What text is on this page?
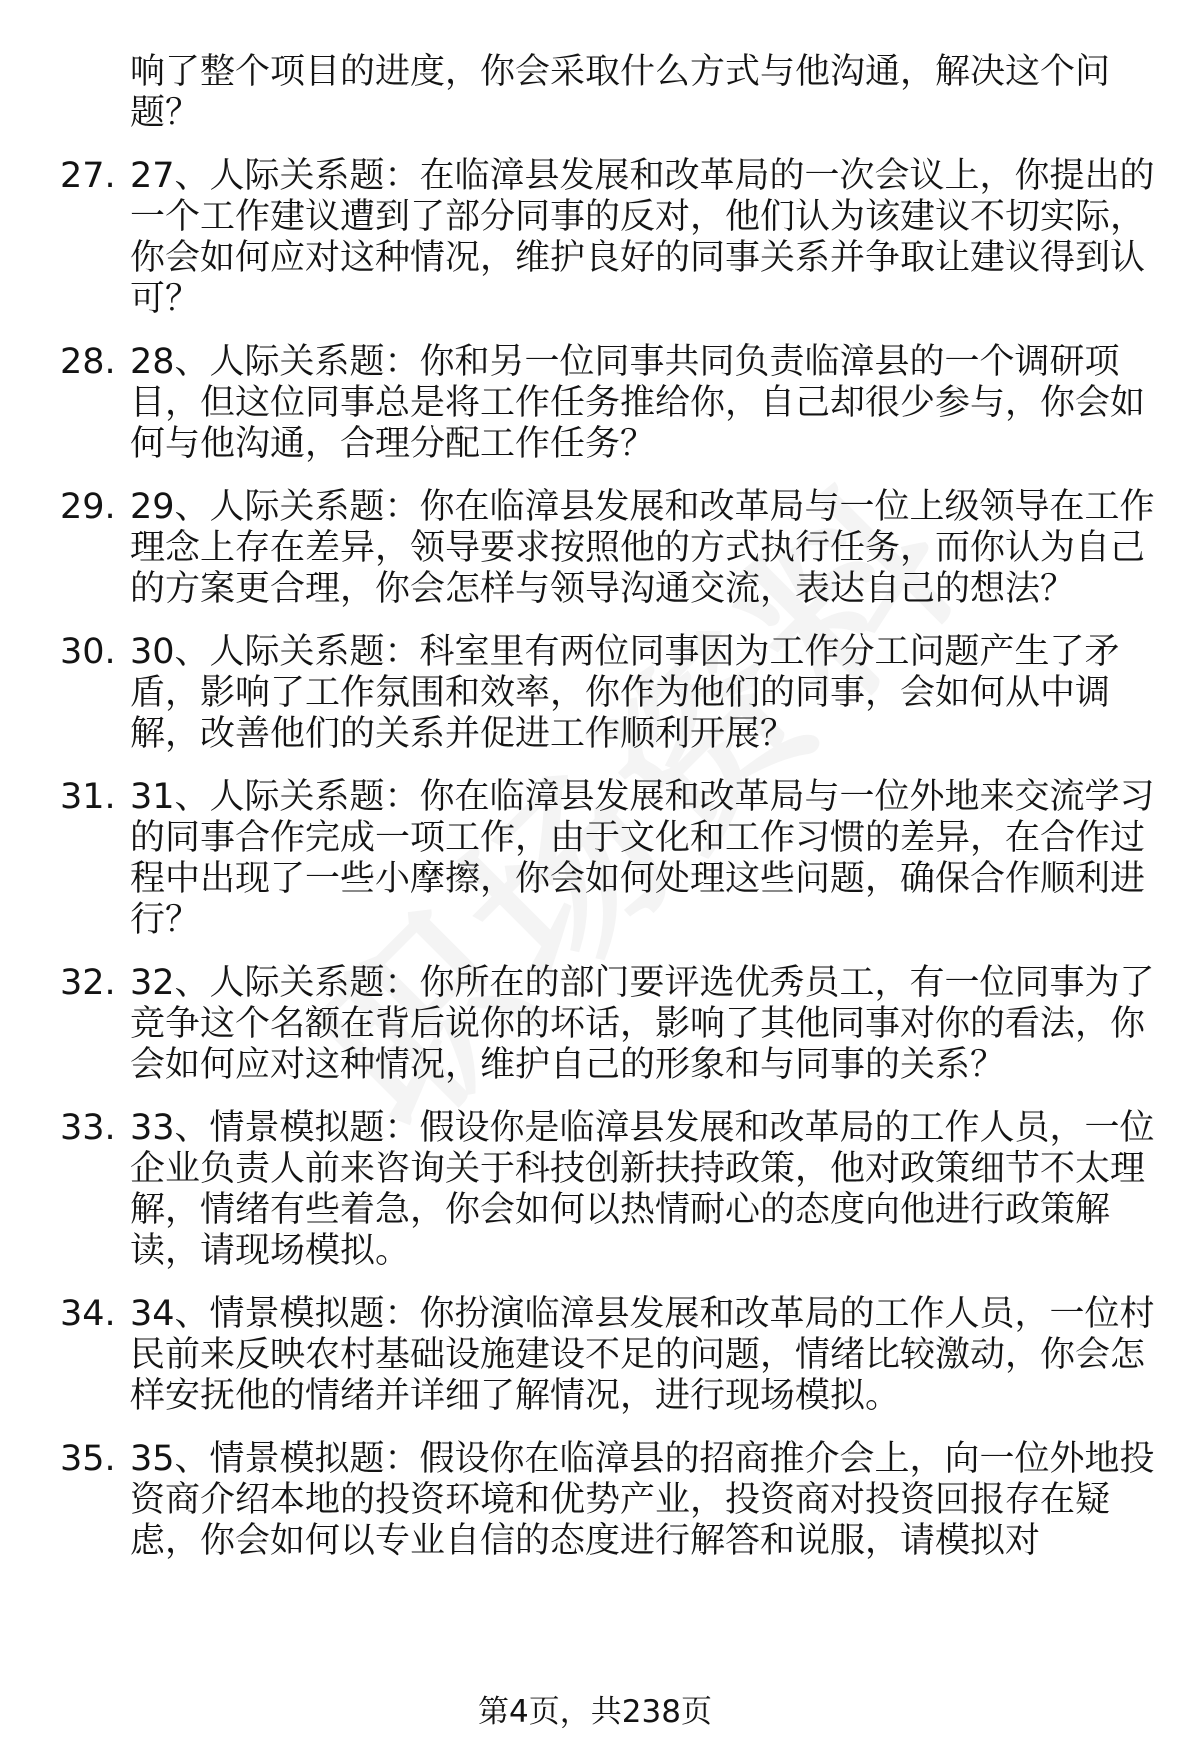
响了整个项目的进度，你会采取什么方式与他沟通，解决这个问题？
27. 27、人际关系题：在临漳县发展和改革局的一次会议上，你提出的一个工作建议遭到了部分同事的反对，他们认为该建议不切实际，你会如何应对这种情况，维护良好的同事关系并争取让建议得到认可？
28. 28、人际关系题：你和另一位同事共同负责临漳县的一个调研项目，但这位同事总是将工作任务推给你，自己却很少参与，你会如何与他沟通，合理分配工作任务？
29. 29、人际关系题：你在临漳县发展和改革局与一位上级领导在工作理念上存在差异，领导要求按照他的方式执行任务，而你认为自己的方案更合理，你会怎样与领导沟通交流，表达自己的想法？
30. 30、人际关系题：科室里有两位同事因为工作分工问题产生了矛盾，影响了工作氛围和效率，你作为他们的同事，会如何从中调解，改善他们的关系并促进工作顺利开展？
31. 31、人际关系题：你在临漳县发展和改革局与一位外地来交流学习的同事合作完成一项工作，由于文化和工作习惯的差异，在合作过程中出现了一些小摩擦，你会如何处理这些问题，确保合作顺利进行？
32. 32、人际关系题：你所在的部门要评选优秀员工，有一位同事为了竞争这个名额在背后说你的坏话，影响了其他同事对你的看法，你会如何应对这种情况，维护自己的形象和与同事的关系？
33. 33、情景模拟题：假设你是临漳县发展和改革局的工作人员，一位企业负责人前来咨询关于科技创新扶持政策，他对政策细节不太理解，情绪有些着急，你会如何以热情耐心的态度向他进行政策解读，请现场模拟。
34. 34、情景模拟题：你扮演临漳县发展和改革局的工作人员，一位村民前来反映农村基础设施建设不足的问题，情绪比较激动，你会怎样安抚他的情绪并详细了解情况，进行现场模拟。
35. 35、情景模拟题：假设你在临漳县的招商推介会上，向一位外地投资商介绍本地的投资环境和优势产业，投资商对投资回报存在疑虑，你会如何以专业自信的态度进行解答和说服，请模拟对
第4页，共238页
